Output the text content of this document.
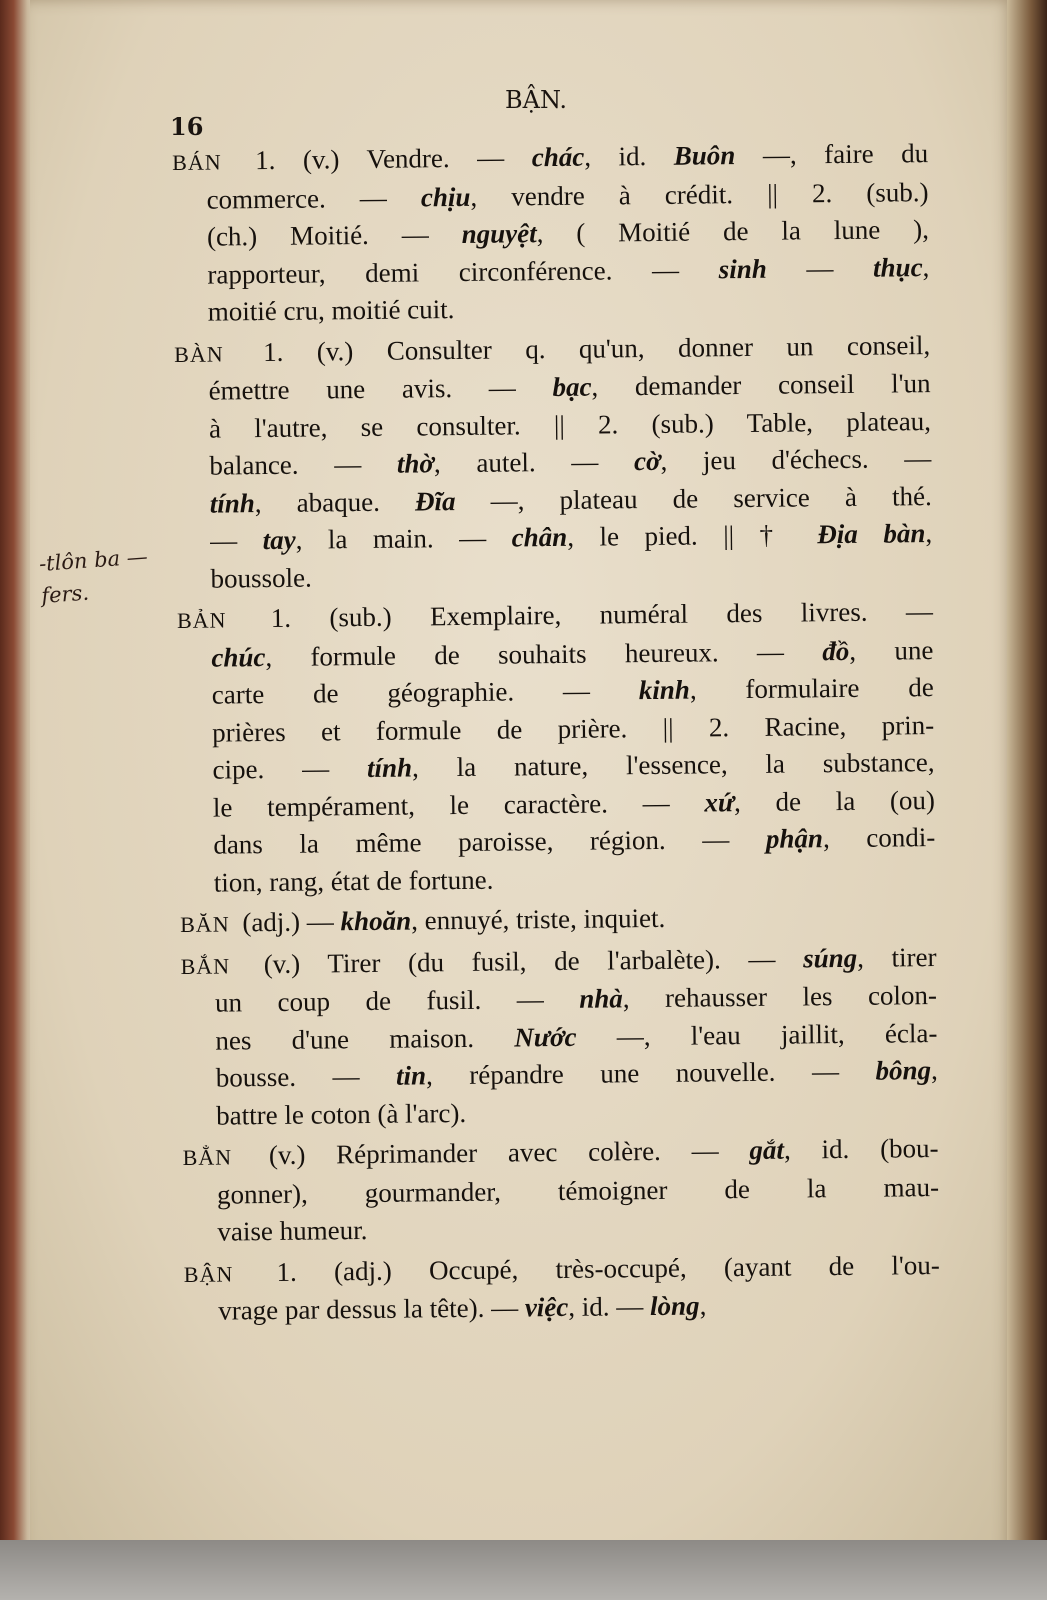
BẬN.
16
-tlôn ba — fers.
BÁN 1. (v.) Vendre. — chác, id. Buôn —, faire du
commerce. — chịu, vendre à crédit. || 2. (sub.)
(ch.) Moitié. — nguyệt, ( Moitié de la lune ),
rapporteur, demi circonférence. — sinh — thục,
moitié cru, moitié cuit.
BÀN 1. (v.) Consulter q. qu'un, donner un conseil,
émettre une avis. — bạc, demander conseil l'un
à l'autre, se consulter. || 2. (sub.) Table, plateau,
balance. — thờ, autel. — cờ, jeu d'échecs. —
tính, abaque. Đĩa —, plateau de service à thé.
— tay, la main. — chân, le pied. || † Địa bàn,
boussole.
BẢN 1. (sub.) Exemplaire, numéral des livres. —
chúc, formule de souhaits heureux. — đồ, une
carte de géographie. — kinh, formulaire de
prières et formule de prière. || 2. Racine, prin-
cipe. — tính, la nature, l'essence, la substance,
le tempérament, le caractère. — xứ, de la (ou)
dans la même paroisse, région. — phận, condi-
tion, rang, état de fortune.
BĂN (adj.) — khoăn, ennuyé, triste, inquiet.
BẮN (v.) Tirer (du fusil, de l'arbalète). — súng, tirer
un coup de fusil. — nhà, rehausser les colon-
nes d'une maison. Nước —, l'eau jaillit, écla-
bousse. — tin, répandre une nouvelle. — bông,
battre le coton (à l'arc).
BẲN (v.) Réprimander avec colère. — gắt, id. (bou-
gonner), gourmander, témoigner de la mau-
vaise humeur.
BẬN 1. (adj.) Occupé, très-occupé, (ayant de l'ou-
vrage par dessus la tête). — việc, id. — lòng,
